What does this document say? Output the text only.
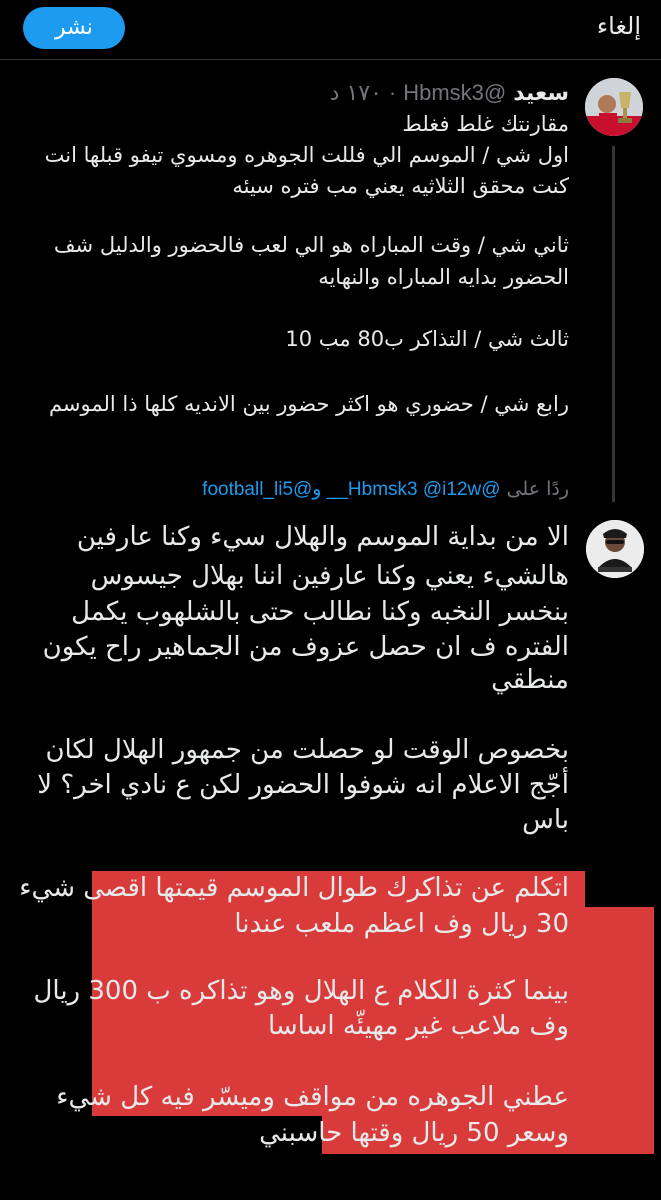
إلغاء
نشر
سعيد @Hbmsk3 · ١٧٠ د
مقارنتك غلط فغلط
اول شي / الموسم الي فللت الجوهره ومسوي تيفو قبلها انت
كنت محقق الثلاثيه يعني مب فتره سيئه
ثاني شي / وقت المباراه هو الي لعب فالحضور والدليل شف
الحضور بدايه المباراه والنهايه
ثالث شي / التذاكر ب80 مب 10
رابع شي / حضوري هو اكثر حضور بين الانديه كلها ذا الموسم
ردًا على @Hbmsk3 @i12w__ و@football_li5
الا من بداية الموسم والهلال سيء وكنا عارفين
هالشيء يعني وكنا عارفين اننا بهلال جيسوس
بنخسر النخبه وكنا نطالب حتى بالشلهوب يكمل
الفتره ف ان حصل عزوف من الجماهير راح يكون
منطقي
بخصوص الوقت لو حصلت من جمهور الهلال لكان
أجّج الاعلام انه شوفوا الحضور لكن ع نادي اخر؟ لا
باس
اتكلم عن تذاكرك طوال الموسم قيمتها اقصى شيء
30 ريال وف اعظم ملعب عندنا
بينما كثرة الكلام ع الهلال وهو تذاكره ب 300 ريال
وف ملاعب غير مهيئّه اساسا
عطني الجوهره من مواقف وميسّر فيه كل شيء
وسعر 50 ريال وقتها حاسبني
